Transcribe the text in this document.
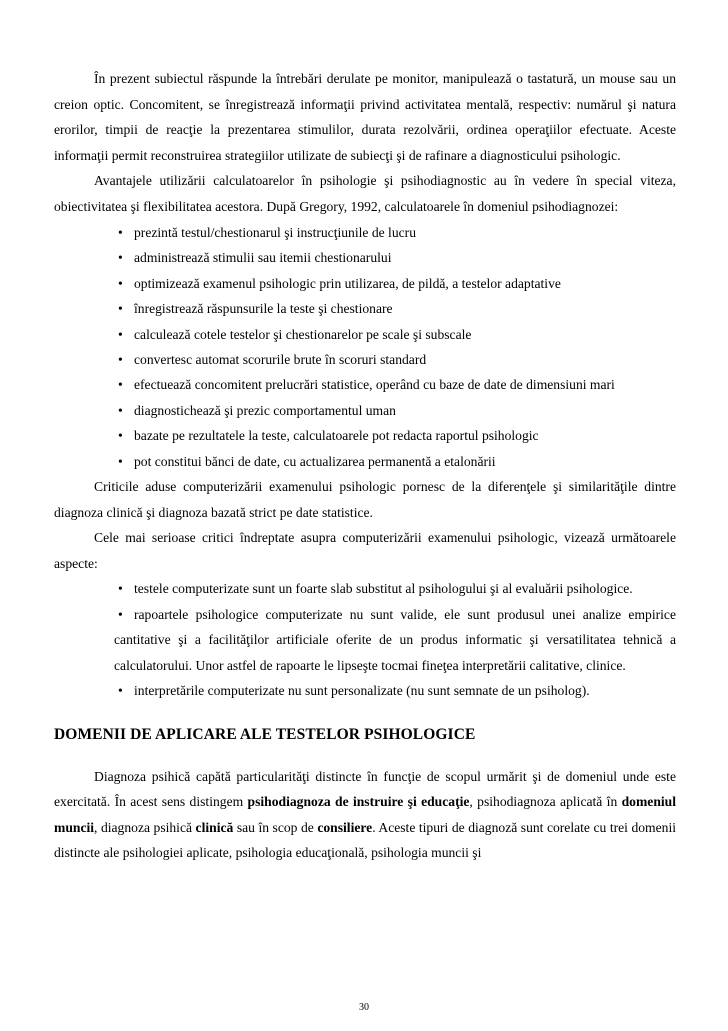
În prezent subiectul răspunde la întrebări derulate pe monitor, manipulează o tastatură, un mouse sau un creion optic. Concomitent, se înregistrează informaţii privind activitatea mentală, respectiv: numărul şi natura erorilor, timpii de reacţie la prezentarea stimulilor, durata rezolvării, ordinea operaţiilor efectuate. Aceste informaţii permit reconstruirea strategiilor utilizate de subiecţi şi de rafinare a diagnosticului psihologic.

Avantajele utilizării calculatoarelor în psihologie şi psihodiagnostic au în vedere în special viteza, obiectivitatea şi flexibilitatea acestora. După Gregory, 1992, calculatoarele în domeniul psihodiagnozei:

• prezintă testul/chestionarul şi instrucţiunile de lucru
• administrează stimulii sau itemii chestionarului
• optimizează examenul psihologic prin utilizarea, de pildă, a testelor adaptative
• înregistrează răspunsurile la teste şi chestionare
• calculează cotele testelor şi chestionarelor pe scale şi subscale
• convertesc automat scorurile brute în scoruri standard
• efectuează concomitent prelucrări statistice, operând cu baze de date de dimensiuni mari
• diagnostichează şi prezic comportamentul uman
• bazate pe rezultatele la teste, calculatoarele pot redacta raportul psihologic
• pot constitui bănci de date, cu actualizarea permanentă a etalonării

Criticile aduse computerizării examenului psihologic pornesc de la diferenţele şi similarităţile dintre diagnoza clinică şi diagnoza bazată strict pe date statistice.

Cele mai serioase critici îndreptate asupra computerizării examenului psihologic, vizează următoarele aspecte:

• testele computerizate sunt un foarte slab substitut al psihologului şi al evaluării psihologice.
• rapoartele psihologice computerizate nu sunt valide, ele sunt produsul unei analize empirice cantitative şi a facilităţilor artificiale oferite de un produs informatic şi versatilitatea tehnică a calculatorului. Unor astfel de rapoarte le lipseşte tocmai fineţea interpretării calitative, clinice.
• interpretările computerizate nu sunt personalizate (nu sunt semnate de un psiholog).
DOMENII DE APLICARE ALE TESTELOR PSIHOLOGICE

Diagnoza psihică capătă particularităţi distincte în funcţie de scopul urmărit şi de domeniul unde este exercitată. În acest sens distingem psihodiagnoza de instruire şi educaţie, psihodiagnoza aplicată în domeniul muncii, diagnoza psihică clinică sau în scop de consiliere. Aceste tipuri de diagnoză sunt corelate cu trei domenii distincte ale psihologiei aplicate, psihologia educaţională, psihologia muncii şi

30
